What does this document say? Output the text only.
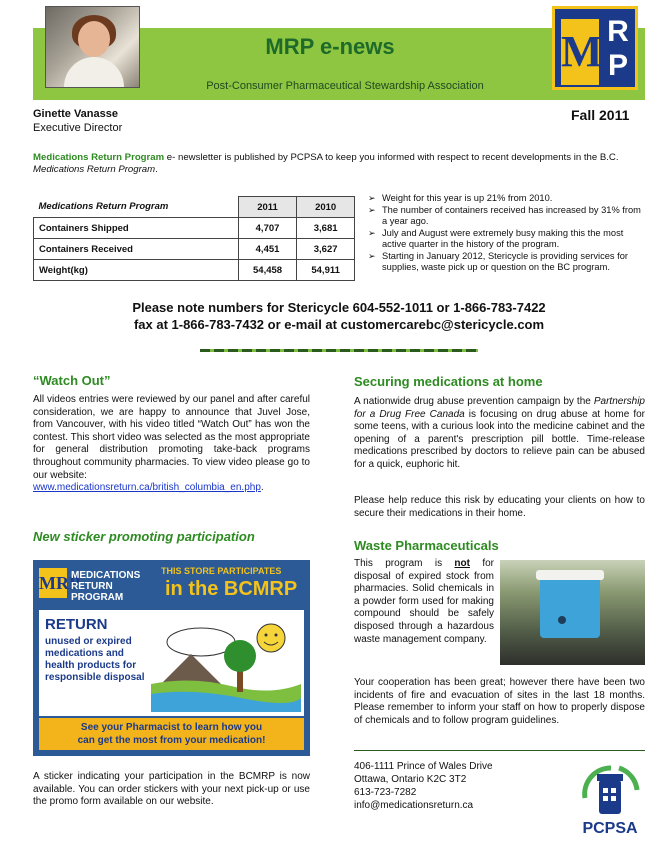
MRP e-news
Post-Consumer Pharmaceutical Stewardship Association
M R
P
Ginette Vanasse
Executive Director
Fall 2011
Medications Return Program e- newsletter is published by PCPSA to keep you informed with respect to recent developments in the B.C. Medications Return Program.
Medications Return Program	2011	2010
Containers Shipped	4,707	3,681
Containers Received	4,451	3,627
Weight(kg)	54,458	54,911
➢ Weight for this year is up 21% from 2010.
➢ The number of containers received has increased by 31% from a year ago.
➢ July and August were extremely busy making this the most active quarter in the history of the program.
➢ Starting in January 2012, Stericycle is providing services for supplies, waste pick up or question on the BC program.
Please note numbers for Stericycle 604-552-1011 or 1-866-783-7422
fax at 1-866-783-7432 or e-mail at customercarebc@stericycle.com
“Watch Out”
All videos entries were reviewed by our panel and after careful consideration, we are happy to announce that Juvel Jose, from Vancouver, with his video titled “Watch Out” has won the contest. This short video was selected as the most appropriate for general distribution promoting take-back programs throughout community pharmacies. To view video please go to our website:
www.medicationsreturn.ca/british_columbia_en.php.
New sticker promoting participation
MRP
MEDICATIONS
RETURN
PROGRAM
THIS STORE PARTICIPATES
in the BCMRP
RETURN
unused or expired medications and health products for responsible disposal
See your Pharmacist to learn how you
can get the most from your medication!
A sticker indicating your participation in the BCMRP is now available. You can order stickers with your next pick-up or use the promo form available on our website.
Securing medications at home
A nationwide drug abuse prevention campaign by the Partnership for a Drug Free Canada is focusing on drug abuse at home for some teens, with a curious look into the medicine cabinet and the opening of a parent's prescription pill bottle. Time-release medications prescribed by doctors to relieve pain can be abused for a quick, euphoric hit.
Please help reduce this risk by educating your clients on how to secure their medications in their home.
Waste Pharmaceuticals
This program is not for disposal of expired stock from pharmacies. Solid chemicals in a powder form used for making compound should be safely disposed through a hazardous waste management company.
Your cooperation has been great; however there have been two incidents of fire and evacuation of sites in the last 18 months. Please remember to inform your staff on how to properly dispose of chemicals and to follow program guidelines.
406-1111 Prince of Wales Drive
Ottawa, Ontario K2C 3T2
613-723-7282
info@medicationsreturn.ca
PCPSA
